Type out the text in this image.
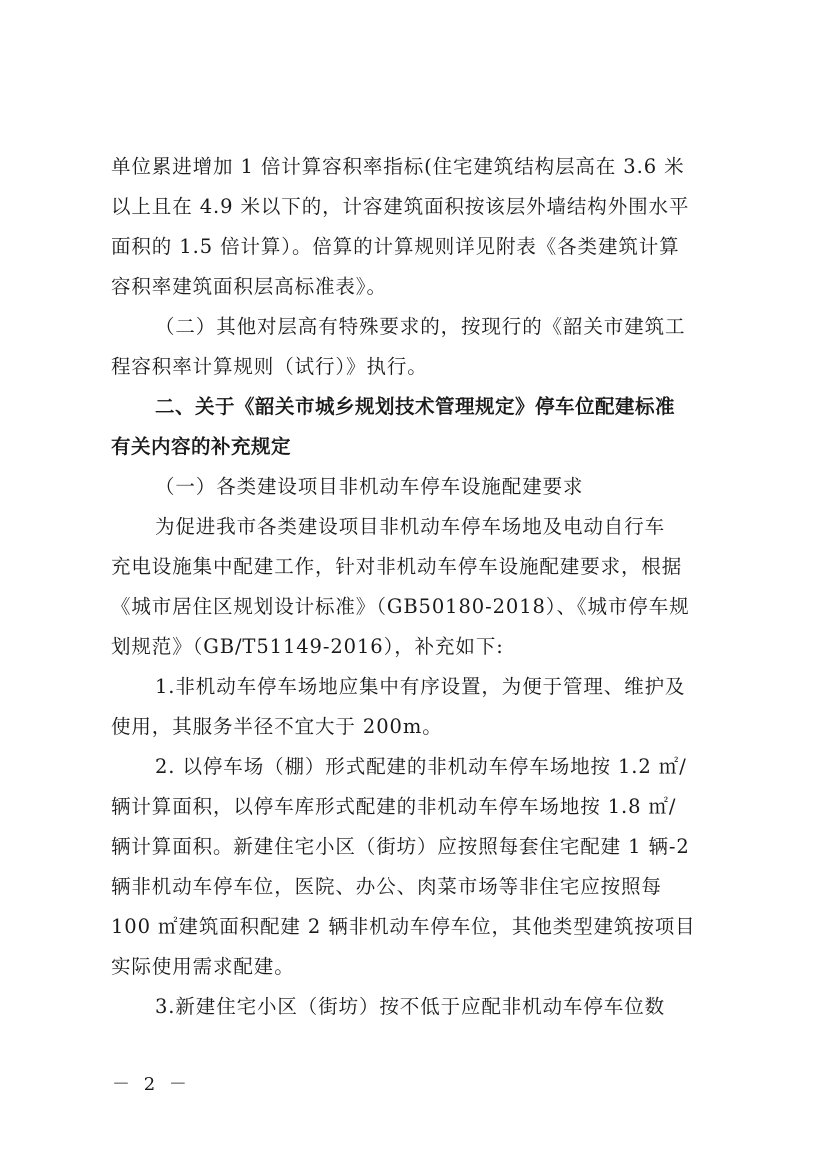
单位累进增加 1 倍计算容积率指标(住宅建筑结构层高在 3.6 米
以上且在 4.9 米以下的，计容建筑面积按该层外墙结构外围水平
面积的 1.5 倍计算）。倍算的计算规则详见附表《各类建筑计算
容积率建筑面积层高标准表》。
（二）其他对层高有特殊要求的，按现行的《韶关市建筑工
程容积率计算规则（试行）》执行。
二、关于《韶关市城乡规划技术管理规定》停车位配建标准
有关内容的补充规定
（一）各类建设项目非机动车停车设施配建要求
为促进我市各类建设项目非机动车停车场地及电动自行车
充电设施集中配建工作，针对非机动车停车设施配建要求，根据
《城市居住区规划设计标准》（GB50180-2018）、《城市停车规
划规范》（GB/T51149-2016），补充如下:
1.非机动车停车场地应集中有序设置，为便于管理、维护及
使用，其服务半径不宜大于 200m。
2. 以停车场（棚）形式配建的非机动车停车场地按 1.2 ㎡/
辆计算面积，以停车库形式配建的非机动车停车场地按 1.8 ㎡/
辆计算面积。新建住宅小区（街坊）应按照每套住宅配建 1 辆-2
辆非机动车停车位，医院、办公、肉菜市场等非住宅应按照每
100 ㎡建筑面积配建 2 辆非机动车停车位，其他类型建筑按项目
实际使用需求配建。
3.新建住宅小区（街坊）按不低于应配非机动车停车位数
－ 2 －
